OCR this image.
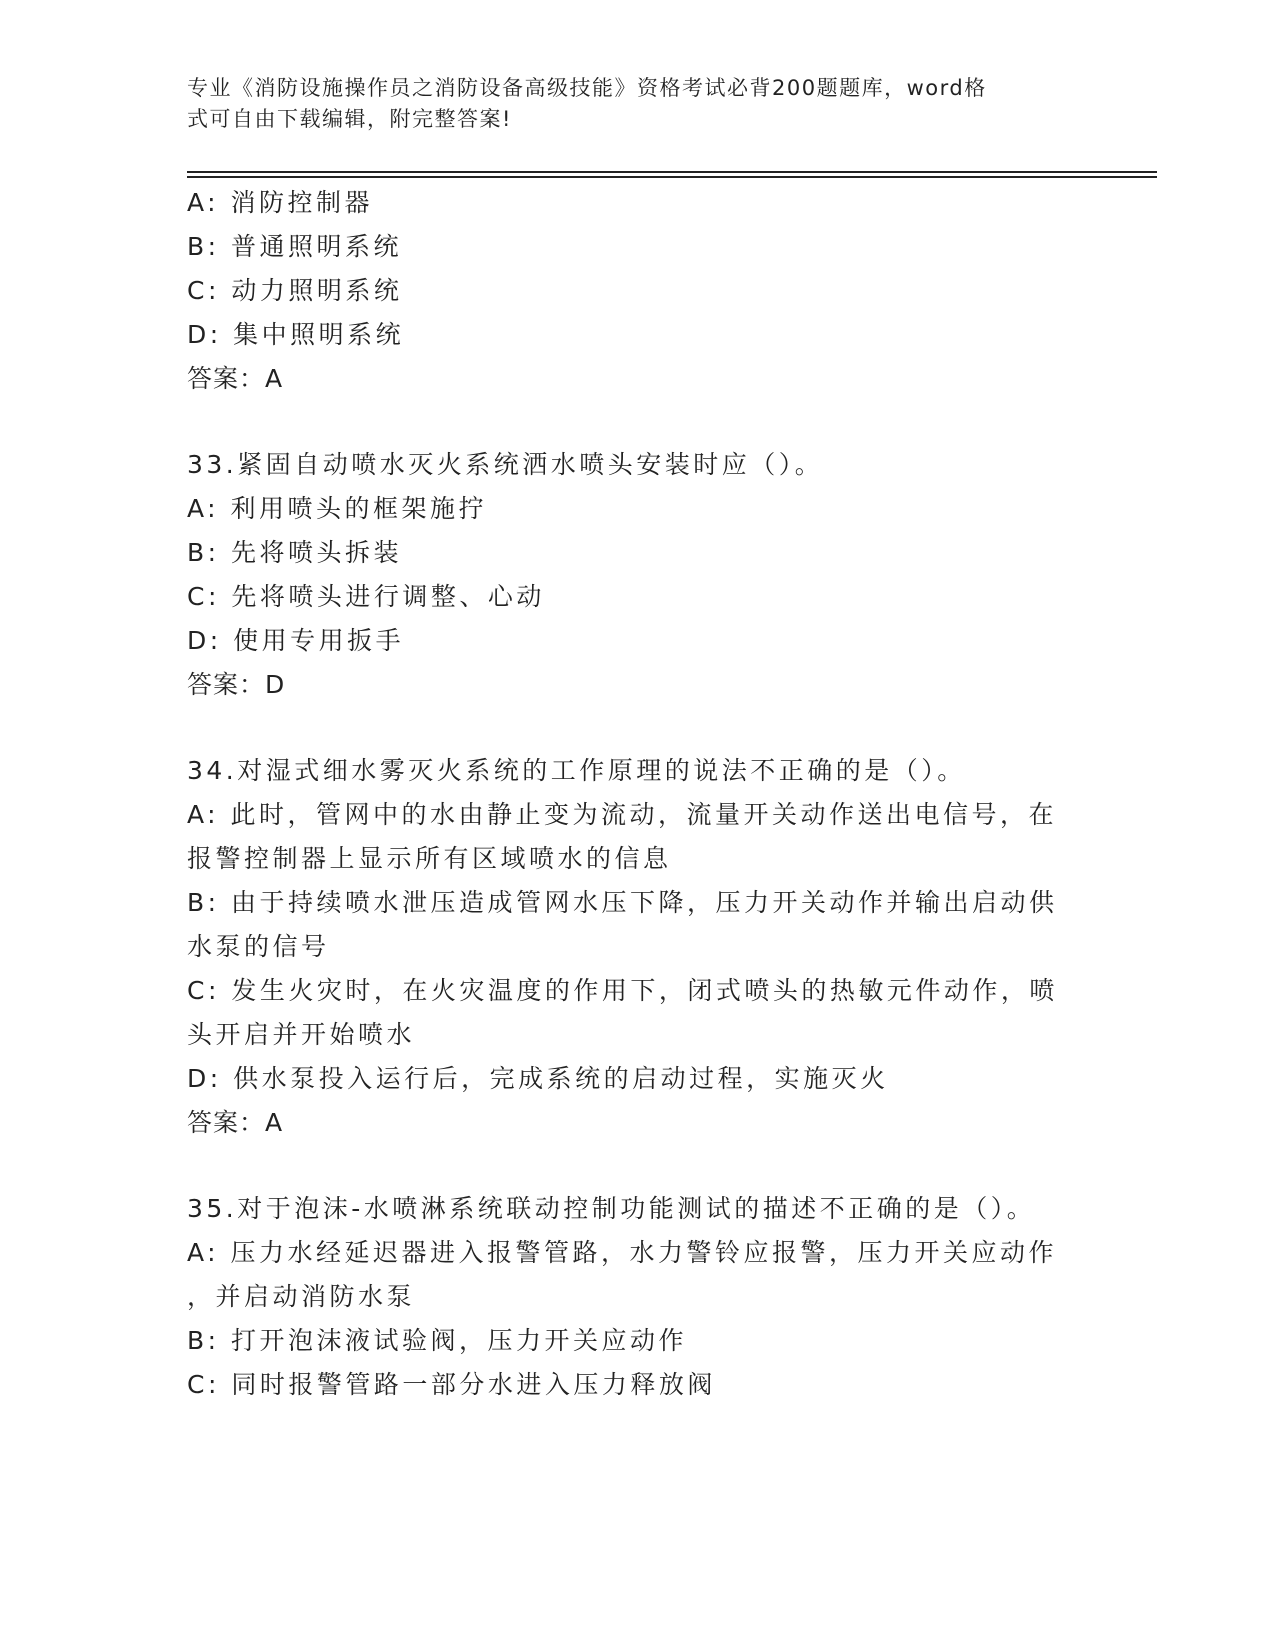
专业《消防设施操作员之消防设备高级技能》资格考试必背200题题库，word格
式可自由下载编辑，附完整答案!
A: 消防控制器
B: 普通照明系统
C: 动力照明系统
D: 集中照明系统
答案：A
33.紧固自动喷水灭火系统洒水喷头安装时应（）。
A: 利用喷头的框架施拧
B: 先将喷头拆装
C: 先将喷头进行调整、心动
D: 使用专用扳手
答案：D
34.对湿式细水雾灭火系统的工作原理的说法不正确的是（）。
A: 此时，管网中的水由静止变为流动，流量开关动作送出电信号，在
报警控制器上显示所有区域喷水的信息
B: 由于持续喷水泄压造成管网水压下降，压力开关动作并输出启动供
水泵的信号
C: 发生火灾时，在火灾温度的作用下，闭式喷头的热敏元件动作，喷
头开启并开始喷水
D: 供水泵投入运行后，完成系统的启动过程，实施灭火
答案：A
35.对于泡沫-水喷淋系统联动控制功能测试的描述不正确的是（）。
A: 压力水经延迟器进入报警管路，水力警铃应报警，压力开关应动作
，并启动消防水泵
B: 打开泡沫液试验阀，压力开关应动作
C: 同时报警管路一部分水进入压力释放阀
